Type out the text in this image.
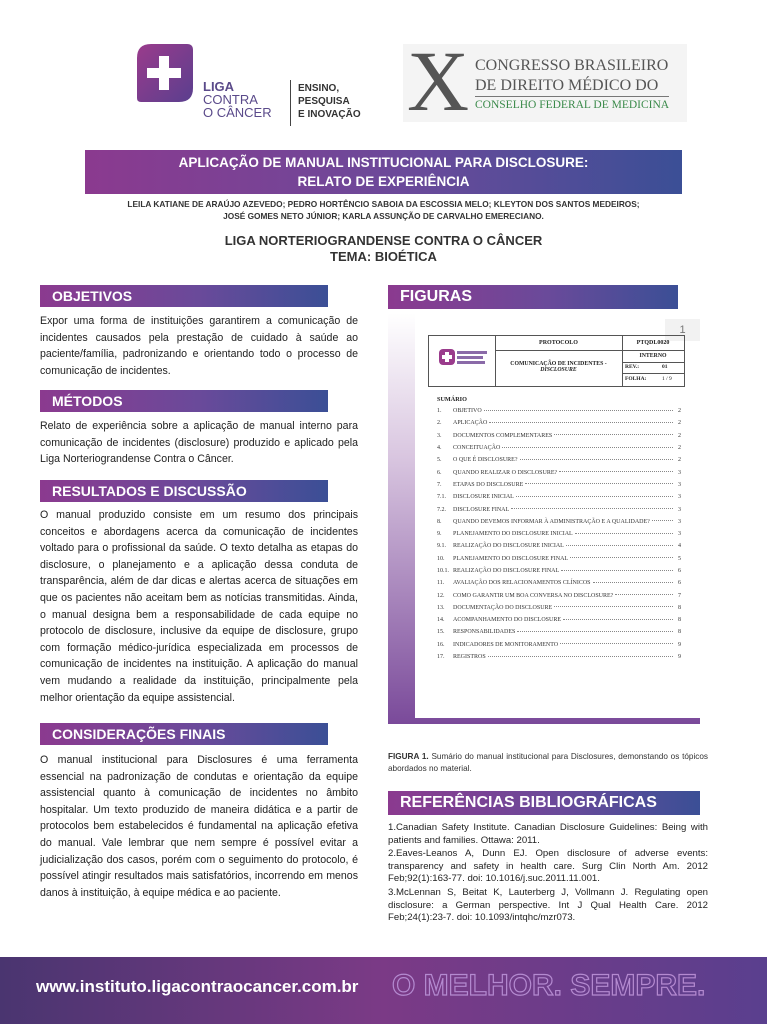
LIGA
CONTRA
O CÂNCER
ENSINO,
PESQUISA
E INOVAÇÃO X CONGRESSO BRASILEIRO
DE DIREITO MÉDICO DO
CONSELHO FEDERAL DE MEDICINA
APLICAÇÃO DE MANUAL INSTITUCIONAL PARA DISCLOSURE:
RELATO DE EXPERIÊNCIA
LEILA KATIANE DE ARAÚJO AZEVEDO; PEDRO HORTÊNCIO SABOIA DA ESCOSSIA MELO; KLEYTON DOS SANTOS MEDEIROS;
JOSÉ GOMES NETO JÚNIOR; KARLA ASSUNÇÃO DE CARVALHO EMERECIANO.
LIGA NORTERIOGRANDENSE CONTRA O CÂNCER
TEMA: BIOÉTICA
OBJETIVOS
Expor uma forma de instituições garantirem a comunicação de incidentes causados pela prestação de cuidado à saúde ao paciente/família, padronizando e orientando todo o processo de comunicação de incidentes.
MÉTODOS
Relato de experiência sobre a aplicação de manual interno para comunicação de incidentes (disclosure) produzido e aplicado pela Liga Norteriograndense Contra o Câncer.
RESULTADOS E DISCUSSÃO
O manual produzido consiste em um resumo dos principais conceitos e abordagens acerca da comunicação de incidentes voltado para o profissional da saúde. O texto detalha as etapas do disclosure, o planejamento e a aplicação dessa conduta de transparência, além de dar dicas e alertas acerca de situações em que os pacientes não aceitam bem as notícias transmitidas. Ainda, o manual designa bem a responsabilidade de cada equipe no protocolo de disclosure, inclusive da equipe de disclosure, grupo com formação médico-jurídica especializada em processos de comunicação de incidentes na instituição. A aplicação do manual vem mudando a realidade da instituição, principalmente pela melhor orientação da equipe assistencial.
CONSIDERAÇÕES FINAIS
O manual institucional para Disclosures é uma ferramenta essencial na padronização de condutas e orientação da equipe assistencial quanto à comunicação de incidentes no âmbito hospitalar. Um texto produzido de maneira didática e a partir de protocolos bem estabelecidos é fundamental na aplicação efetiva do manual. Vale lembrar que nem sempre é possível evitar a judicialização dos casos, porém com o seguimento do protocolo, é possível atingir resultados mais satisfatórios, incorrendo em menos danos à instituição, à equipe médica e ao paciente.
FIGURAS
1
PROTOCOLO	PTQDL0020
COMUNICAÇÃO DE INCIDENTES -
DISCLOSURE
INTERNO
REV.:	01
FOLHA:	1 / 9
SUMÁRIO
1.	OBJETIVO	2
2.	APLICAÇÃO	2
3.	DOCUMENTOS COMPLEMENTARES	2
4.	CONCEITUAÇÃO	2
5.	O QUE É DISCLOSURE?	2
6.	QUANDO REALIZAR O DISCLOSURE?	3
7.	ETAPAS DO DISCLOSURE	3
7.1.	DISCLOSURE INICIAL	3
7.2.	DISCLOSURE FINAL	3
8.	QUANDO DEVEMOS INFORMAR À ADMINISTRAÇÃO E A QUALIDADE?	3
9.	PLANEJAMENTO DO DISCLOSURE INICIAL	3
9.1.	REALIZAÇÃO DO DISCLOSURE INICIAL	4
10.	PLANEJAMENTO DO DISCLOSURE FINAL	5
10.1. REALIZAÇÃO DO DISCLOSURE FINAL	6
11.	AVALIAÇÃO DOS RELACIONAMENTOS CLÍNICOS	6
12.	COMO GARANTIR UM BOA CONVERSA NO DISCLOSURE?	7
13.	DOCUMENTAÇÃO DO DISCLOSURE	8
14.	ACOMPANHAMENTO DO DISCLOSURE	8
15.	RESPONSABILIDADES	8
16.	INDICADORES DE MONITORAMENTO	9
17.	REGISTROS	9
FIGURA 1. Sumário do manual institucional para Disclosures, demonstando os tópicos abordados no material.
REFERÊNCIAS BIBLIOGRÁFICAS
1.Canadian Safety Institute. Canadian Disclosure Guidelines: Being with patients and families. Ottawa: 2011.
2.Eaves-Leanos A, Dunn EJ. Open disclosure of adverse events: transparency and safety in health care. Surg Clin North Am. 2012 Feb;92(1):163-77. doi: 10.1016/j.suc.2011.11.001.
3.McLennan S, Beitat K, Lauterberg J, Vollmann J. Regulating open disclosure: a German perspective. Int J Qual Health Care. 2012 Feb;24(1):23-7. doi: 10.1093/intqhc/mzr073.
www.instituto.ligacontraocancer.com.br O MELHOR. SEMPRE.
